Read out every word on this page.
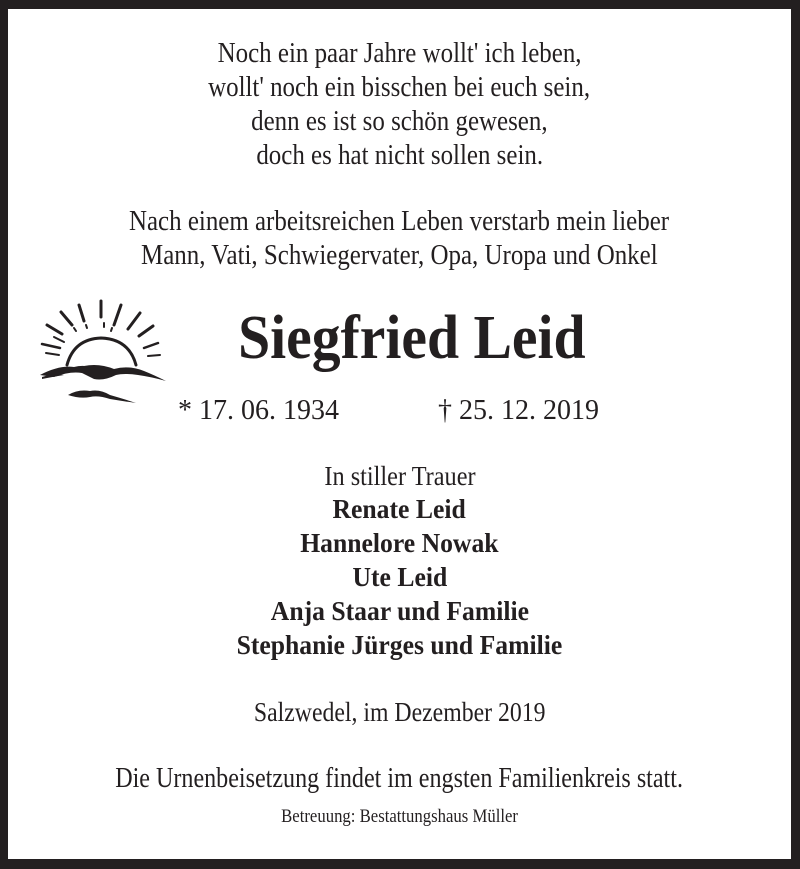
Noch ein paar Jahre wollt' ich leben,
wollt' noch ein bisschen bei euch sein,
denn es ist so schön gewesen,
doch es hat nicht sollen sein.
Nach einem arbeitsreichen Leben verstarb mein lieber
Mann, Vati, Schwiegervater, Opa, Uropa und Onkel
Siegfried Leid
* 17. 06. 1934	† 25. 12. 2019
In stiller Trauer
Renate Leid
Hannelore Nowak
Ute Leid
Anja Staar und Familie
Stephanie Jürges und Familie
Salzwedel, im Dezember 2019
Die Urnenbeisetzung findet im engsten Familienkreis statt.
Betreuung: Bestattungshaus Müller
